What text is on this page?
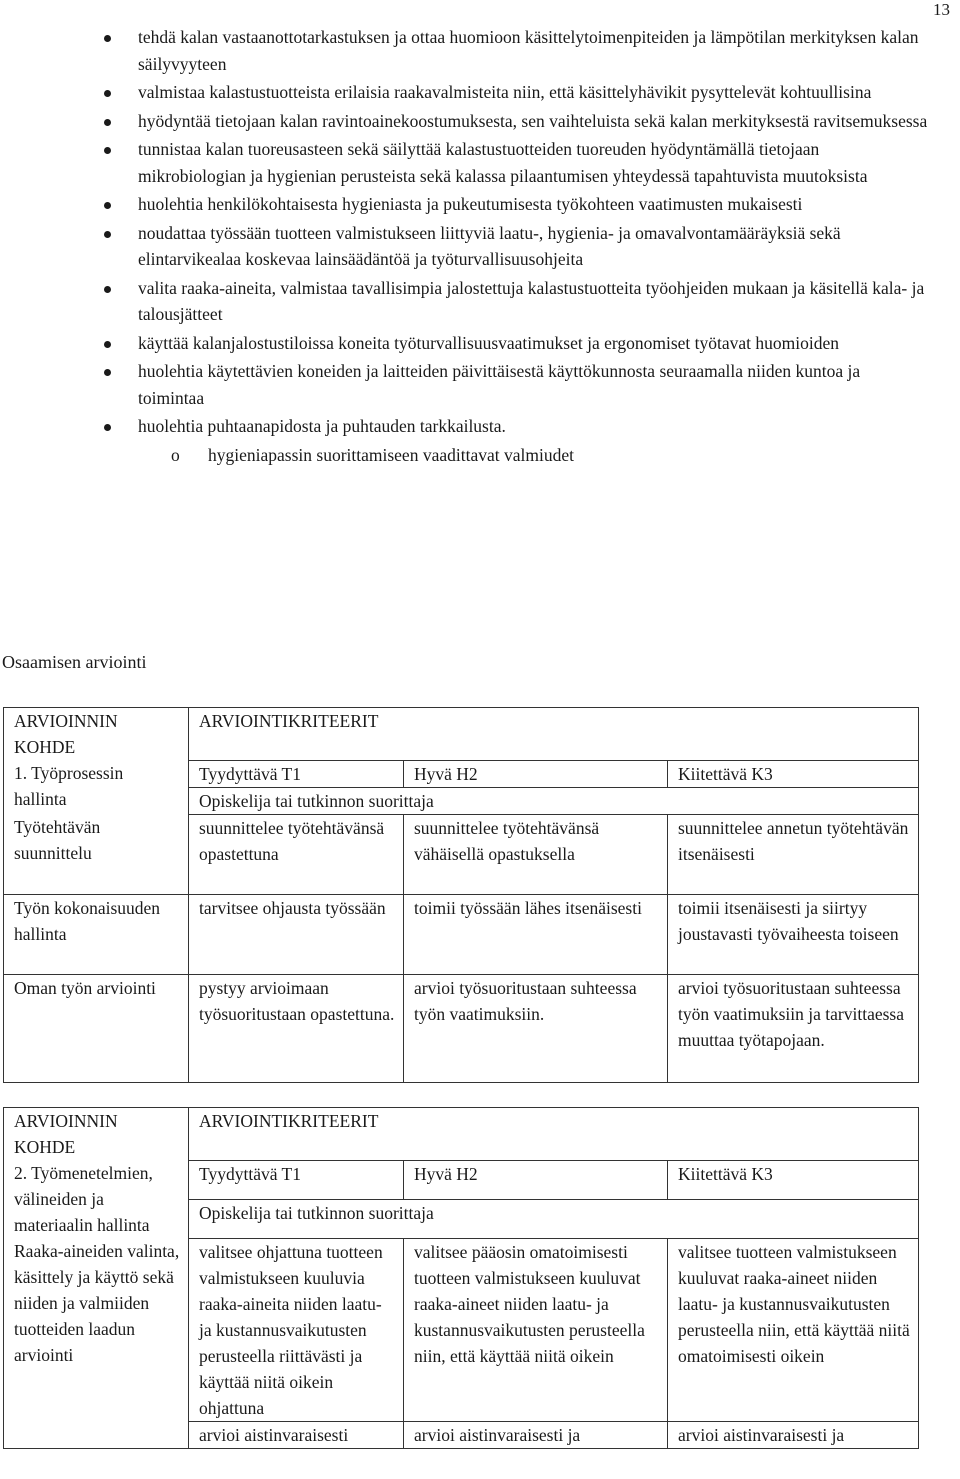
13
tehdä kalan vastaanottotarkastuksen ja ottaa huomioon käsittelytoimenpiteiden ja lämpötilan merkityksen kalan säilyvyyteen
valmistaa kalastustuotteista erilaisia raakavalmisteita niin, että käsittelyhävikit pysyttelevät kohtuullisina
hyödyntää tietojaan kalan ravintoainekoostumuksesta, sen vaihteluista sekä kalan merkityksestä ravitsemuksessa
tunnistaa kalan tuoreusasteen sekä säilyttää kalastustuotteiden tuoreuden hyödyntämällä tietojaan mikrobiologian ja hygienian perusteista sekä kalassa pilaantumisen yhteydessä tapahtuvista muutoksista
huolehtia henkilökohtaisesta hygieniasta ja pukeutumisesta työkohteen vaatimusten mukaisesti
noudattaa työssään tuotteen valmistukseen liittyviä laatu-, hygienia- ja omavalvontamääräyksiä sekä elintarvikealaa koskevaa lainsäädäntöä ja työturvallisuusohjeita
valita raaka-aineita, valmistaa tavallisimpia jalostettuja kalastustuotteita työohjeiden mukaan ja käsitellä kala- ja talousjätteet
käyttää kalanjalostustiloissa koneita työturvallisuusvaatimukset ja ergonomiset työtavat huomioiden
huolehtia käytettävien koneiden ja laitteiden päivittäisestä käyttökunnosta seuraamalla niiden kuntoa ja toimintaa
huolehtia puhtaanapidosta ja puhtauden tarkkailusta.
o hygieniapassin suorittamiseen vaadittavat valmiudet
Osaamisen arviointi
ARVIOINNIN KOHDE	ARVIOINTIKRITEERIT		
1. Työprosessin hallinta	Tyydyttävä T1	Hyvä H2	Kiitettävä K3
	Opiskelija tai tutkinnon suorittaja		
Työtehtävän suunnittelu	suunnittelee työtehtävänsä opastettuna	suunnittelee työtehtävänsä vähäisellä opastuksella	suunnittelee annetun työtehtävän itsenäisesti
Työn kokonaisuuden hallinta	tarvitsee ohjausta työssään	toimii työssään lähes itsenäisesti	toimii itsenäisesti ja siirtyy joustavasti työvaiheesta toiseen
Oman työn arviointi	pystyy arvioimaan työsuoritustaan opastettuna.	arvioi työsuoritustaan suhteessa työn vaatimuksiin.	arvioi työsuoritustaan suhteessa työn vaatimuksiin ja tarvittaessa muuttaa työtapojaan.
ARVIOINNIN KOHDE	ARVIOINTIKRITEERIT		
2. Työmenetelmien, välineiden ja materiaalin hallinta	Tyydyttävä T1	Hyvä H2	Kiitettävä K3
	Opiskelija tai tutkinnon suorittaja		
Raaka-aineiden valinta, käsittely ja käyttö sekä niiden ja valmiiden tuotteiden laadun arviointi	valitsee ohjattuna tuotteen valmistukseen kuuluvia raaka-aineita niiden laatu- ja kustannusvaikutusten perusteella riittävästi ja käyttää niitä oikein ohjattuna	valitsee pääosin omatoimisesti tuotteen valmistukseen kuuluvat raaka-aineet niiden laatu- ja kustannusvaikutusten perusteella niin, että käyttää niitä oikein	valitsee tuotteen valmistukseen kuuluvat raaka-aineet niiden laatu- ja kustannusvaikutusten perusteella niin, että käyttää niitä omatoimisesti oikein
	arvioi aistinvaraisesti	arvioi aistinvaraisesti ja	arvioi aistinvaraisesti ja
